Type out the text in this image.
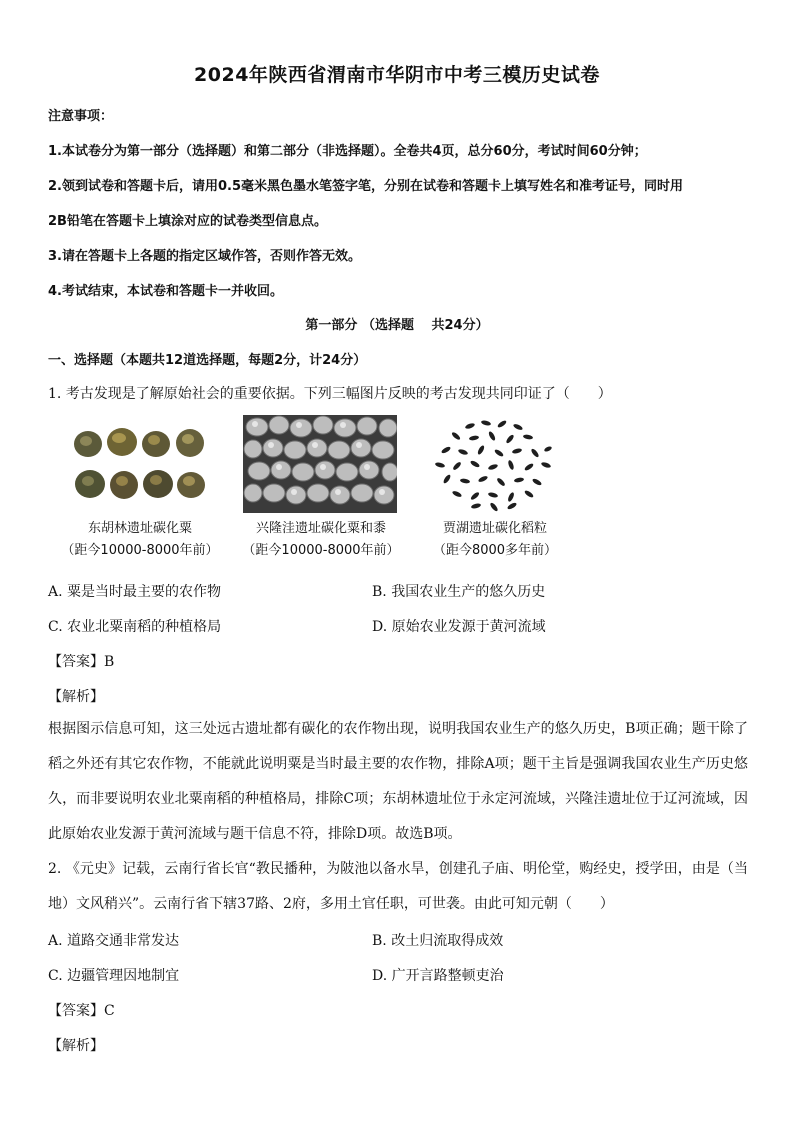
2024年陕西省渭南市华阴市中考三模历史试卷
注意事项：
1.本试卷分为第一部分（选择题）和第二部分（非选择题）。全卷共4页，总分60分，考试时间60分钟；
2.领到试卷和答题卡后，请用0.5毫米黑色墨水笔签字笔，分别在试卷和答题卡上填写姓名和准考证号，同时用
2B铅笔在答题卡上填涂对应的试卷类型信息点。
3.请在答题卡上各题的指定区域作答，否则作答无效。
4.考试结束，本试卷和答题卡一并收回。
第一部分 （选择题　 共24分）
一、选择题（本题共12道选择题，每题2分，计24分）
1. 考古发现是了解原始社会的重要依据。下列三幅图片反映的考古发现共同印证了（　　）
东胡林遗址碳化粟
（距今10000-8000年前）
兴隆洼遗址碳化粟和黍
（距今10000-8000年前）
贾湖遗址碳化稻粒
（距今8000多年前）
A. 粟是当时最主要的农作物	B. 我国农业生产的悠久历史
C. 农业北粟南稻的种植格局	D. 原始农业发源于黄河流域
【答案】B
【解析】
根据图示信息可知，这三处远古遗址都有碳化的农作物出现，说明我国农业生产的悠久历史，B项正确；题干除了稻之外还有其它农作物，不能就此说明粟是当时最主要的农作物，排除A项；题干主旨是强调我国农业生产历史悠久，而非要说明农业北粟南稻的种植格局，排除C项；东胡林遗址位于永定河流域，兴隆洼遗址位于辽河流域，因此原始农业发源于黄河流域与题干信息不符，排除D项。故选B项。
2. 《元史》记载，云南行省长官“教民播种，为陂池以备水旱，创建孔子庙、明伦堂，购经史，授学田，由是（当地）文风稍兴”。云南行省下辖37路、2府，多用土官任职，可世袭。由此可知元朝（　　）
A. 道路交通非常发达	B. 改土归流取得成效
C. 边疆管理因地制宜	D. 广开言路整顿吏治
【答案】C
【解析】
